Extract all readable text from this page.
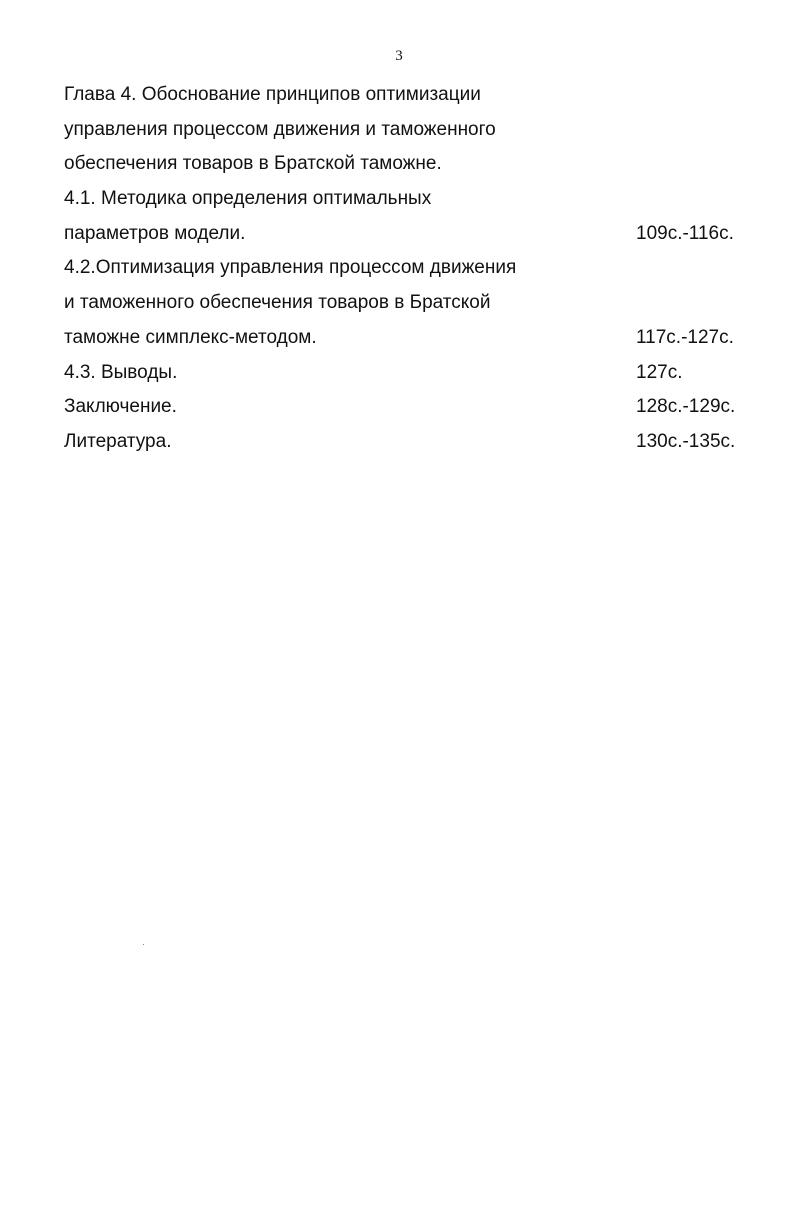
3
Глава 4. Обоснование принципов оптимизации
управления процессом движения и таможенного
обеспечения товаров в Братской таможне.
4.1. Методика определения оптимальных
параметров модели.	109с.-116с.
4.2.Оптимизация управления процессом движения
и таможенного обеспечения товаров в Братской
таможне симплекс-методом.	117с.-127с.
4.3. Выводы.	127с.
Заключение.	128с.-129с.
Литература.	130с.-135с.
